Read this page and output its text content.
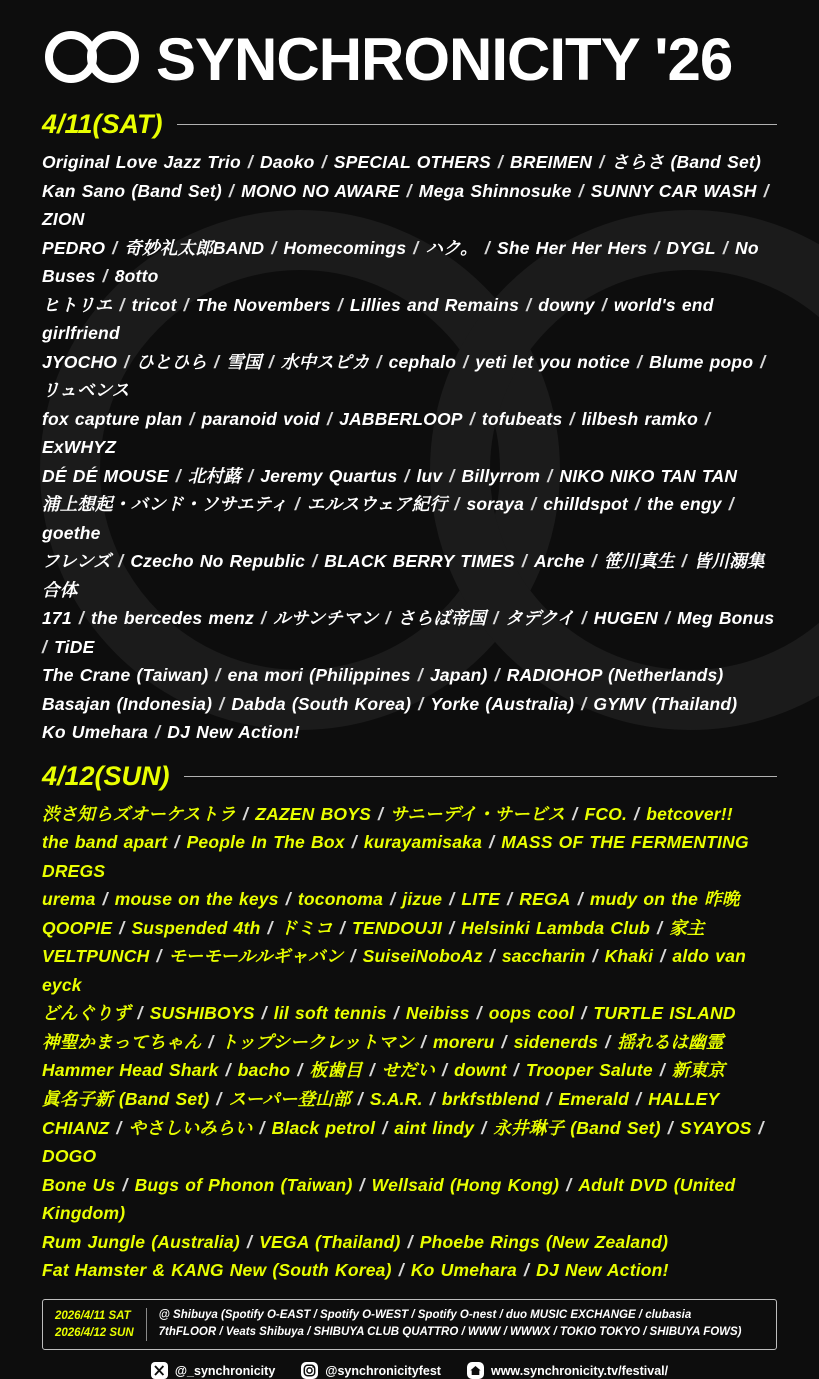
SYNCHRONICITY '26
4/11(SAT)
Original Love Jazz Trio / Daoko / SPECIAL OTHERS / BREIMEN / さらさ (Band Set)
Kan Sano (Band Set) / MONO NO AWARE / Mega Shinnosuke / SUNNY CAR WASH / ZION
PEDRO / 奇妙礼太郎BAND / Homecomings / ハク。 / She Her Her Hers / DYGL / No Buses / 8otto
ヒトリエ / tricot / The Novembers / Lillies and Remains / downy / world's end girlfriend
JYOCHO / ひとひら / 雪国 / 水中スピカ / cephalo / yeti let you notice / Blume popo / リュベンス
fox capture plan / paranoid void / JABBERLOOP / tofubeats / lilbesh ramko / ExWHYZ
DÉ DÉ MOUSE / 北村蕗 / Jeremy Quartus / luv / Billyrrom / NIKO NIKO TAN TAN
浦上想起・バンド・ソサエティ / エルスウェア紀行 / soraya / chilldspot / the engy / goethe
フレンズ / Czecho No Republic / BLACK BERRY TIMES / Arche / 笹川真生 / 皆川溺集合体
171 / the bercedes menz / ルサンチマン / さらば帝国 / タデクイ / HUGEN / Meg Bonus / TiDE
The Crane (Taiwan) / ena mori (Philippines / Japan) / RADIOHOP (Netherlands)
Basajan (Indonesia) / Dabda (South Korea) / Yorke (Australia) / GYMV (Thailand)
Ko Umehara / DJ New Action!
4/12(SUN)
渋さ知らズオーケストラ / ZAZEN BOYS / サニーデイ・サービス / FCO. / betcover!!
the band apart / People In The Box / kurayamisaka / MASS OF THE FERMENTING DREGS
urema / mouse on the keys / toconoma / jizue / LITE / REGA / mudy on the 昨晩
QOOPIE / Suspended 4th / ドミコ / TENDOUJI / Helsinki Lambda Club / 家主
VELTPUNCH / モーモールルギャバン / SuiseiNoboAz / saccharin / Khaki / aldo van eyck
どんぐりず / SUSHIBOYS / lil soft tennis / Neibiss / oops cool / TURTLE ISLAND
神聖かまってちゃん / トップシークレットマン / moreru / sidenerds / 揺れるは幽霊
Hammer Head Shark / bacho / 板歯目 / せだい / downt / Trooper Salute / 新東京
眞名子新 (Band Set) / スーパー登山部 / S.A.R. / brkfstblend / Emerald / HALLEY
CHIANZ / やさしいみらい / Black petrol / aint lindy / 永井琳子 (Band Set) / SYAYOS / DOGO
Bone Us / Bugs of Phonon (Taiwan) / Wellsaid (Hong Kong) / Adult DVD (United Kingdom)
Rum Jungle (Australia) / VEGA (Thailand) / Phoebe Rings (New Zealand)
Fat Hamster & KANG New (South Korea) / Ko Umehara / DJ New Action!
2026/4/11 SAT
2026/4/12 SUN
@ Shibuya (Spotify O-EAST / Spotify O-WEST / Spotify O-nest / duo MUSIC EXCHANGE / clubasia
7thFLOOR / Veats Shibuya / SHIBUYA CLUB QUATTRO / WWW / WWWX / TOKIO TOKYO / SHIBUYA FOWS)
@_synchronicity	@synchronicityfest	www.synchronicity.tv/festival/
